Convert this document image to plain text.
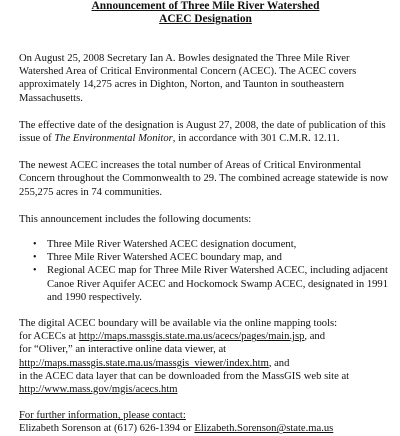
Announcement of Three Mile River Watershed
ACEC Designation

On August 25, 2008 Secretary Ian A. Bowles designated the Three Mile River Watershed Area of Critical Environmental Concern (ACEC). The ACEC covers approximately 14,275 acres in Dighton, Norton, and Taunton in southeastern Massachusetts.

The effective date of the designation is August 27, 2008, the date of publication of this issue of The Environmental Monitor, in accordance with 301 C.M.R. 12.11.

The newest ACEC increases the total number of Areas of Critical Environmental Concern throughout the Commonwealth to 29. The combined acreage statewide is now 255,275 acres in 74 communities.

This announcement includes the following documents:

• Three Mile River Watershed ACEC designation document,
• Three Mile River Watershed ACEC boundary map, and
• Regional ACEC map for Three Mile River Watershed ACEC, including adjacent Canoe River Aquifer ACEC and Hockomock Swamp ACEC, designated in 1991 and 1990 respectively.

The digital ACEC boundary will be available via the online mapping tools:
for ACECs at http://maps.massgis.state.ma.us/acecs/pages/main.jsp, and
for “Oliver,” an interactive online data viewer, at
http://maps.massgis.state.ma.us/massgis_viewer/index.htm, and
in the ACEC data layer that can be downloaded from the MassGIS web site at
http://www.mass.gov/mgis/acecs.htm

For further information, please contact:
Elizabeth Sorenson at (617) 626-1394 or Elizabeth.Sorenson@state.ma.us
